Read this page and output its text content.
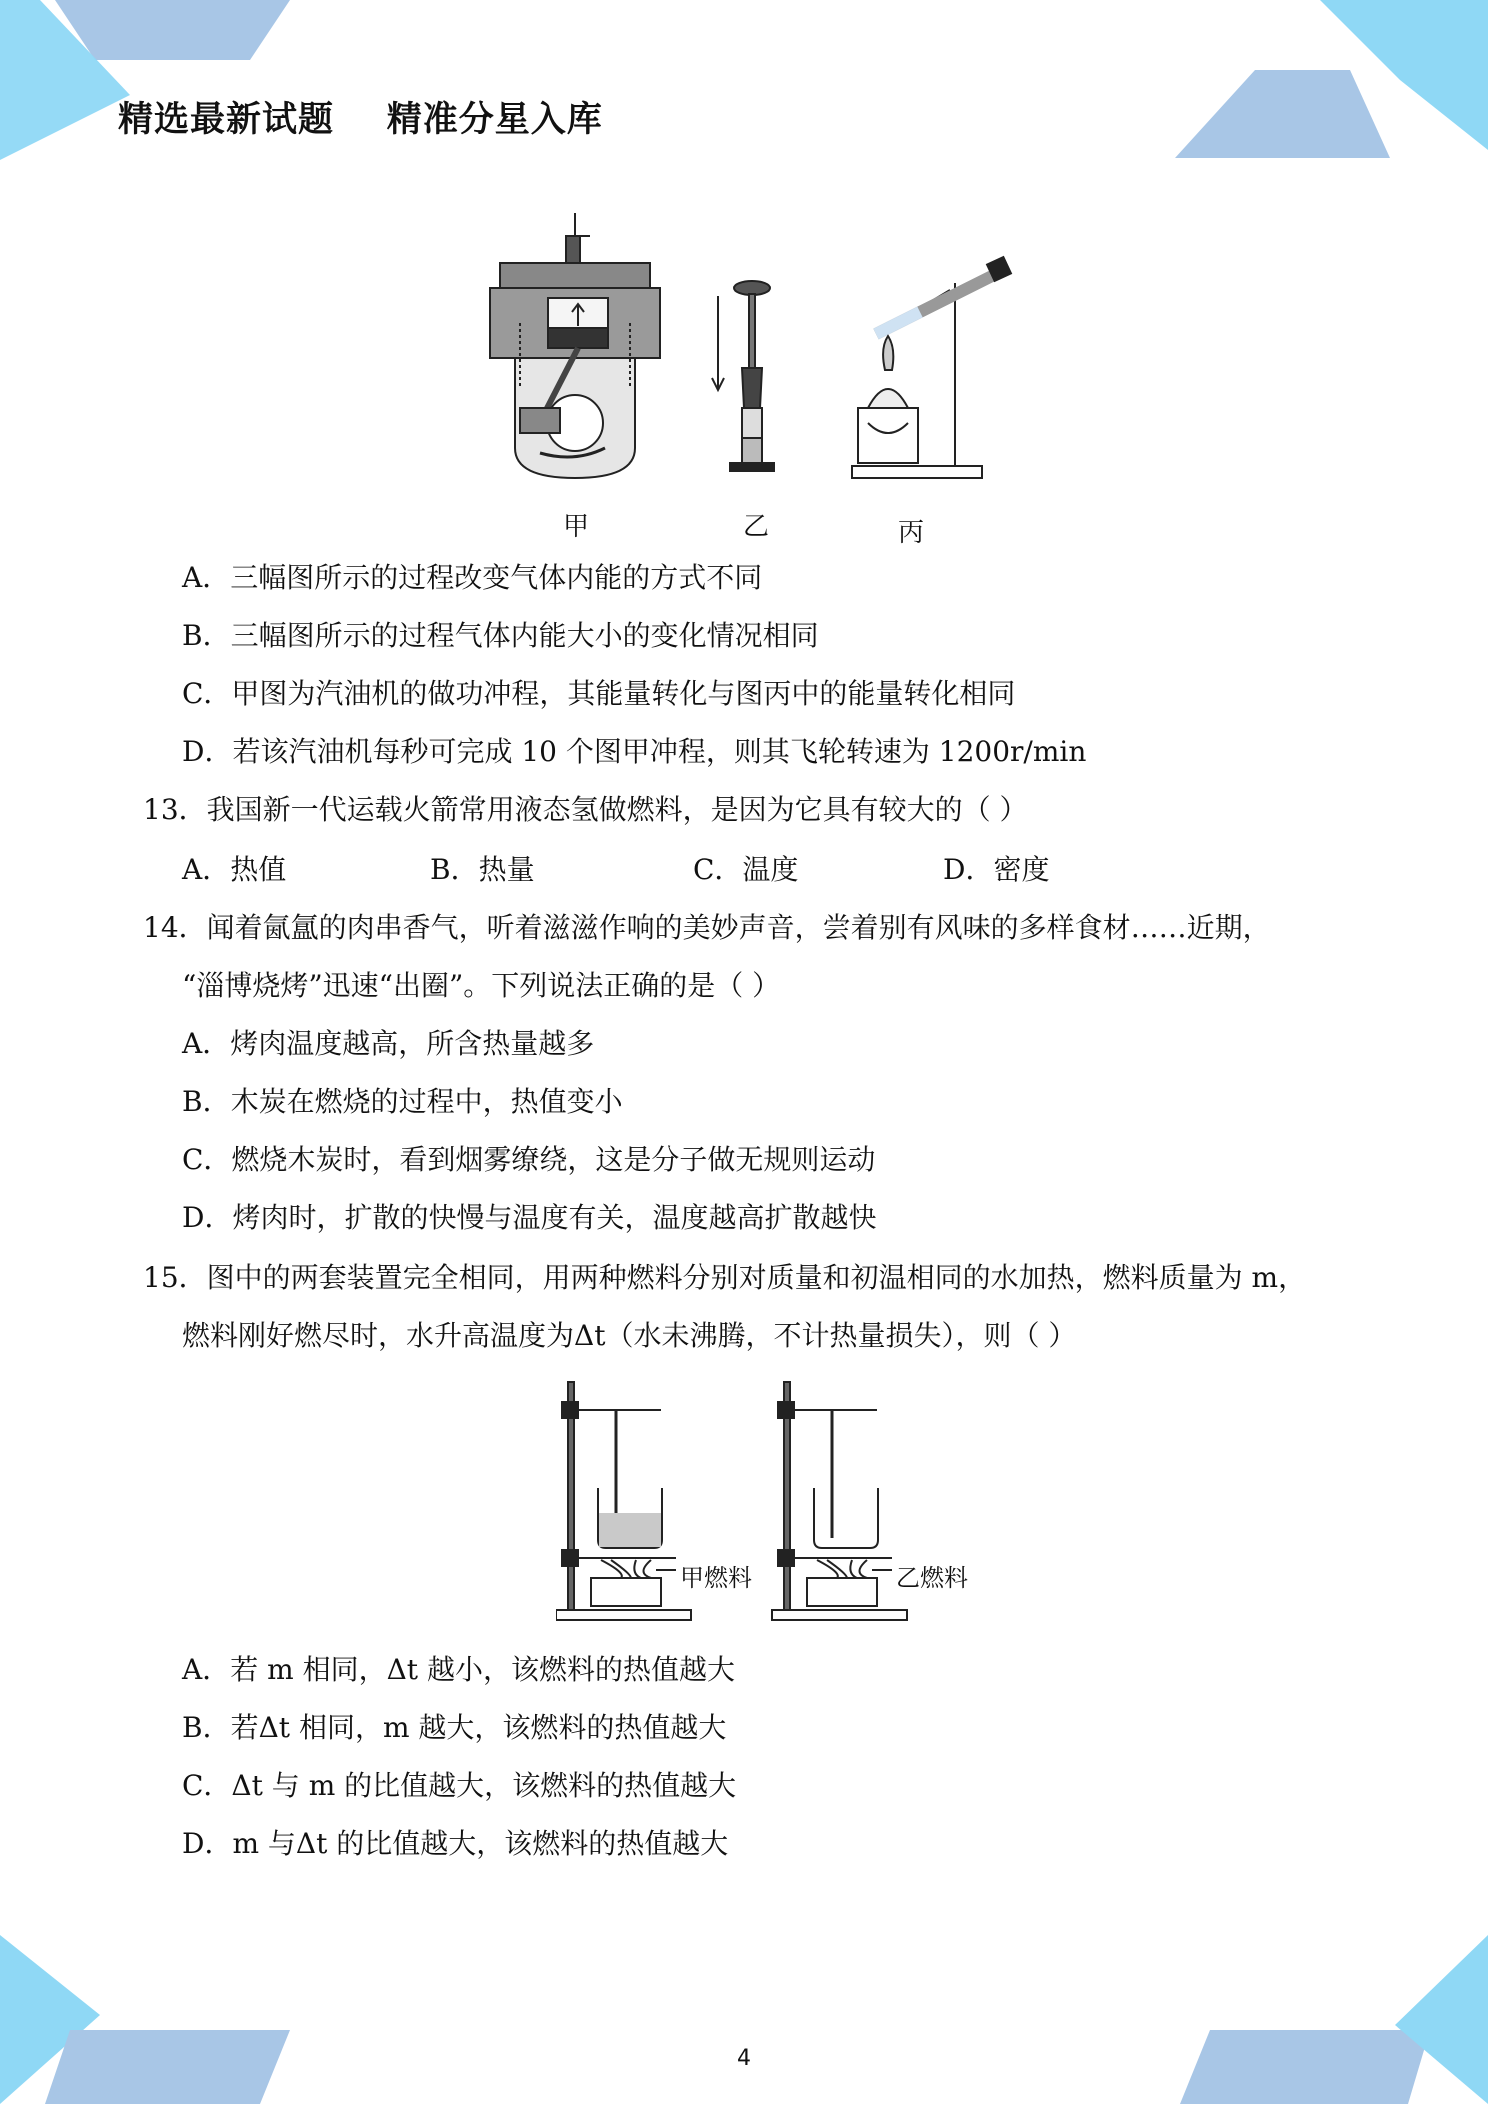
精选最新试题    精准分星入库
甲	乙	丙
A．三幅图所示的过程改变气体内能的方式不同
B．三幅图所示的过程气体内能大小的变化情况相同
C．甲图为汽油机的做功冲程，其能量转化与图丙中的能量转化相同
D．若该汽油机每秒可完成 10 个图甲冲程，则其飞轮转速为 1200r/min
13．我国新一代运载火箭常用液态氢做燃料，是因为它具有较大的（ ）
A．热值	B．热量	C．温度	D．密度
14．闻着氤氲的肉串香气，听着滋滋作响的美妙声音，尝着别有风味的多样食材……近期，
“淄博烧烤”迅速“出圈”。下列说法正确的是（ ）
A．烤肉温度越高，所含热量越多
B．木炭在燃烧的过程中，热值变小
C．燃烧木炭时，看到烟雾缭绕，这是分子做无规则运动
D．烤肉时，扩散的快慢与温度有关，温度越高扩散越快
15．图中的两套装置完全相同，用两种燃料分别对质量和初温相同的水加热，燃料质量为 m，
燃料刚好燃尽时，水升高温度为Δt（水未沸腾，不计热量损失），则（ ）
甲燃料	乙燃料
A．若 m 相同，Δt 越小，该燃料的热值越大
B．若Δt 相同，m 越大，该燃料的热值越大
C．Δt 与 m 的比值越大，该燃料的热值越大
D．m 与Δt 的比值越大，该燃料的热值越大
4
